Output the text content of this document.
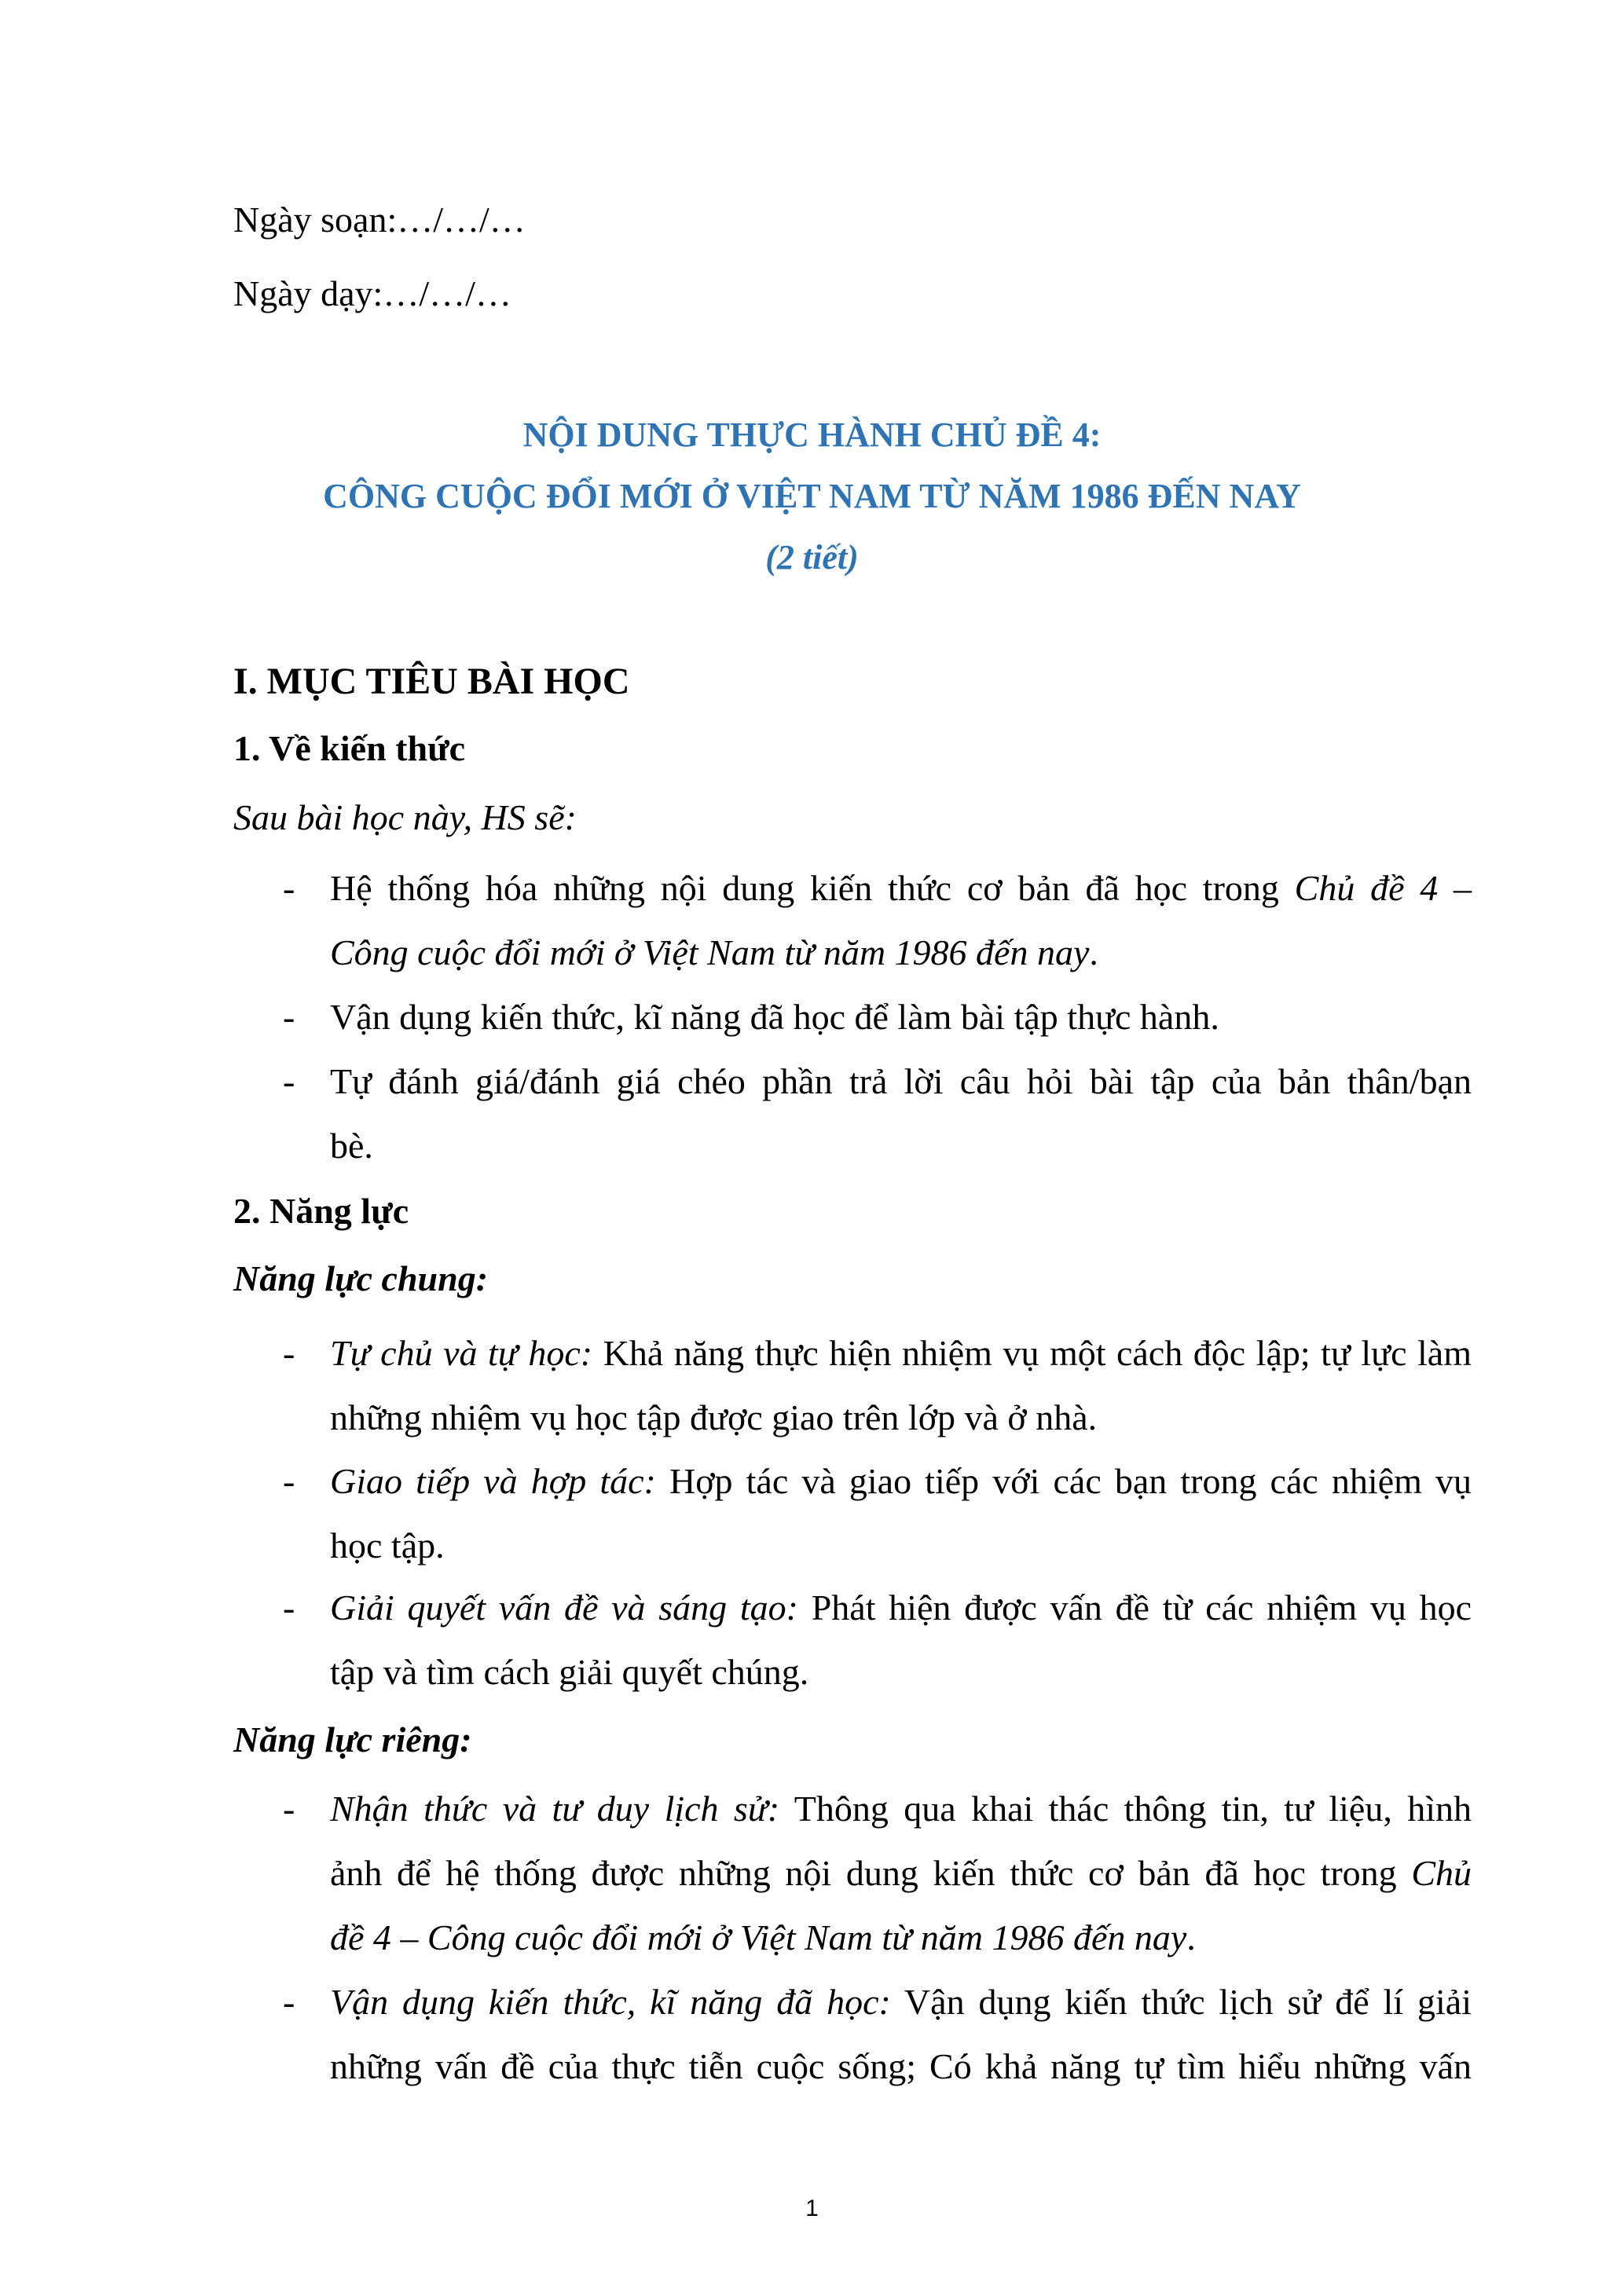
Ngày soạn:…/…/…
Ngày dạy:…/…/…
NỘI DUNG THỰC HÀNH CHỦ ĐỀ 4:
CÔNG CUỘC ĐỔI MỚI Ở VIỆT NAM TỪ NĂM 1986 ĐẾN NAY
(2 tiết)
I. MỤC TIÊU BÀI HỌC
1. Về kiến thức
Sau bài học này, HS sẽ:
- Hệ thống hóa những nội dung kiến thức cơ bản đã học trong Chủ đề 4 –
Công cuộc đổi mới ở Việt Nam từ năm 1986 đến nay.
- Vận dụng kiến thức, kĩ năng đã học để làm bài tập thực hành.
- Tự đánh giá/đánh giá chéo phần trả lời câu hỏi bài tập của bản thân/bạn
bè.
2. Năng lực
Năng lực chung:
- Tự chủ và tự học: Khả năng thực hiện nhiệm vụ một cách độc lập; tự lực làm
những nhiệm vụ học tập được giao trên lớp và ở nhà.
- Giao tiếp và hợp tác: Hợp tác và giao tiếp với các bạn trong các nhiệm vụ
học tập.
- Giải quyết vấn đề và sáng tạo: Phát hiện được vấn đề từ các nhiệm vụ học
tập và tìm cách giải quyết chúng.
Năng lực riêng:
- Nhận thức và tư duy lịch sử: Thông qua khai thác thông tin, tư liệu, hình
ảnh để hệ thống được những nội dung kiến thức cơ bản đã học trong Chủ
đề 4 – Công cuộc đổi mới ở Việt Nam từ năm 1986 đến nay.
- Vận dụng kiến thức, kĩ năng đã học: Vận dụng kiến thức lịch sử để lí giải
những vấn đề của thực tiễn cuộc sống; Có khả năng tự tìm hiểu những vấn
1
